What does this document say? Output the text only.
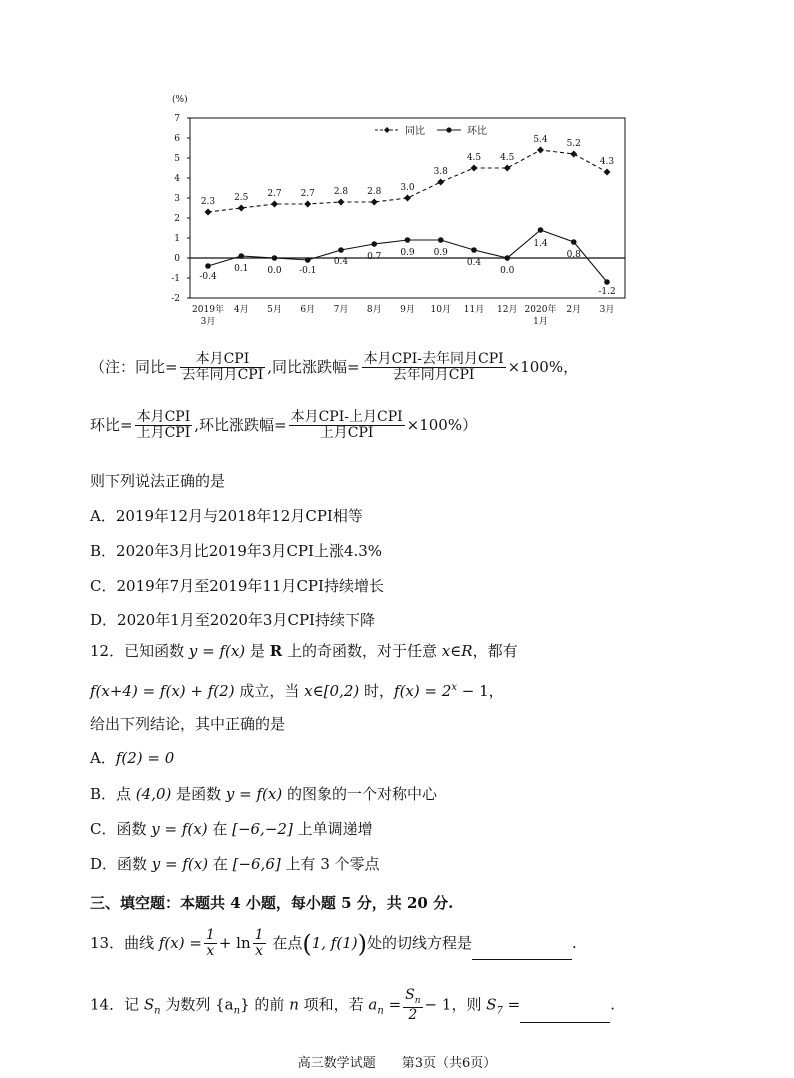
(%)
-2
-1
0
1
2
3
4
5
6
7
2019年
3月
4月 5月 6月 7月 8月 9月 10月 11月 12月 2020年
1月
2月 3月
2.3 2.5 2.7 2.7 2.8 2.8 3.0
3.8
4.5 4.5
5.4 5.2
4.3
-0.4
0.1 0.0 -0.1
0.4 0.7 0.9 0.9
0.4
0.0
1.4
0.8
-1.2
同比	环比
（注：同比= $\frac{\text{本月CPI}}{\text{去年同月CPI}}$ ,同比涨跌幅= $\frac{\text{本月CPI-去年同月CPI}}{\text{去年同月CPI}} \times 100\%$，
环比= $\frac{\text{本月CPI}}{\text{上月CPI}}$ ,环比涨跌幅= $\frac{\text{本月CPI-上月CPI}}{\text{上月CPI}} \times 100\%$）
则下列说法正确的是
A．2019年12月与2018年12月CPI相等
B．2020年3月比2019年3月CPI上涨4.3%
C．2019年7月至2019年11月CPI持续增长
D．2020年1月至2020年3月CPI持续下降
12．已知函数 y = f(x) 是 R 上的奇函数，对于任意 x∈R，都有
f(x+4) = f(x) + f(2) 成立，当 x∈[0,2) 时，$f(x) = 2^x - 1$，
给出下列结论，其中正确的是
A．f(2) = 0
B．点 (4,0) 是函数 y = f(x) 的图象的一个对称中心
C．函数 y = f(x) 在 [−6,−2] 上单调递增
D．函数 y = f(x) 在 [−6,6] 上有 3 个零点
三、填空题：本题共 4 小题，每小题 5 分，共 20 分.
13．曲线 $f(x) = \frac{1}{x} + \ln \frac{1}{x}$ 在点(1, f(1))处的切线方程是	.
14．记 $S_n$ 为数列 $\{a_n\}$ 的前 n 项和，若 $a_n = \frac{S_n}{2} - 1$，则 $S_7$ =	.
高三数学试题　　第3页（共6页）
